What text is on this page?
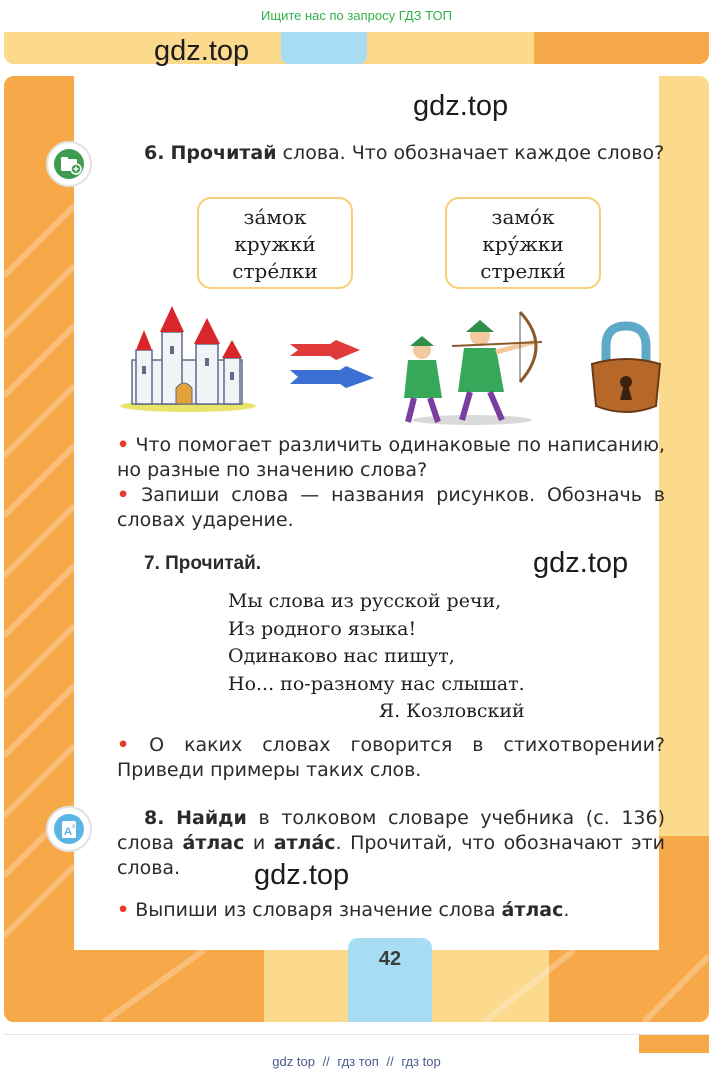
Ищите нас по запросу ГДЗ ТОП
gdz.top
42
gdz.top
6. Прочитай слова. Что обозначает каждое слово?
за́мок
кружки́
стре́лки
замо́к
кру́жки
стрелки́
• Что помогает различить одинаковые по написанию, но разные по значению слова?
• Запиши слова — названия рисунков. Обозначь в словах ударение.
7. Прочитай.	gdz.top
Мы слова из русской речи,
Из родного языка!
Одинаково нас пишут,
Но... по-разному нас слышат.
Я. Козловский
• О каких словах говорится в стихотворении? Приведи примеры таких слов.
A я	8. Найди в толковом словаре учебника (с. 136) слова а́тлас и атла́с. Прочитай, что обозначают эти слова.	gdz.top
• Выпиши из словаря значение слова а́тлас.
gdz top // гдз топ // гдз top
